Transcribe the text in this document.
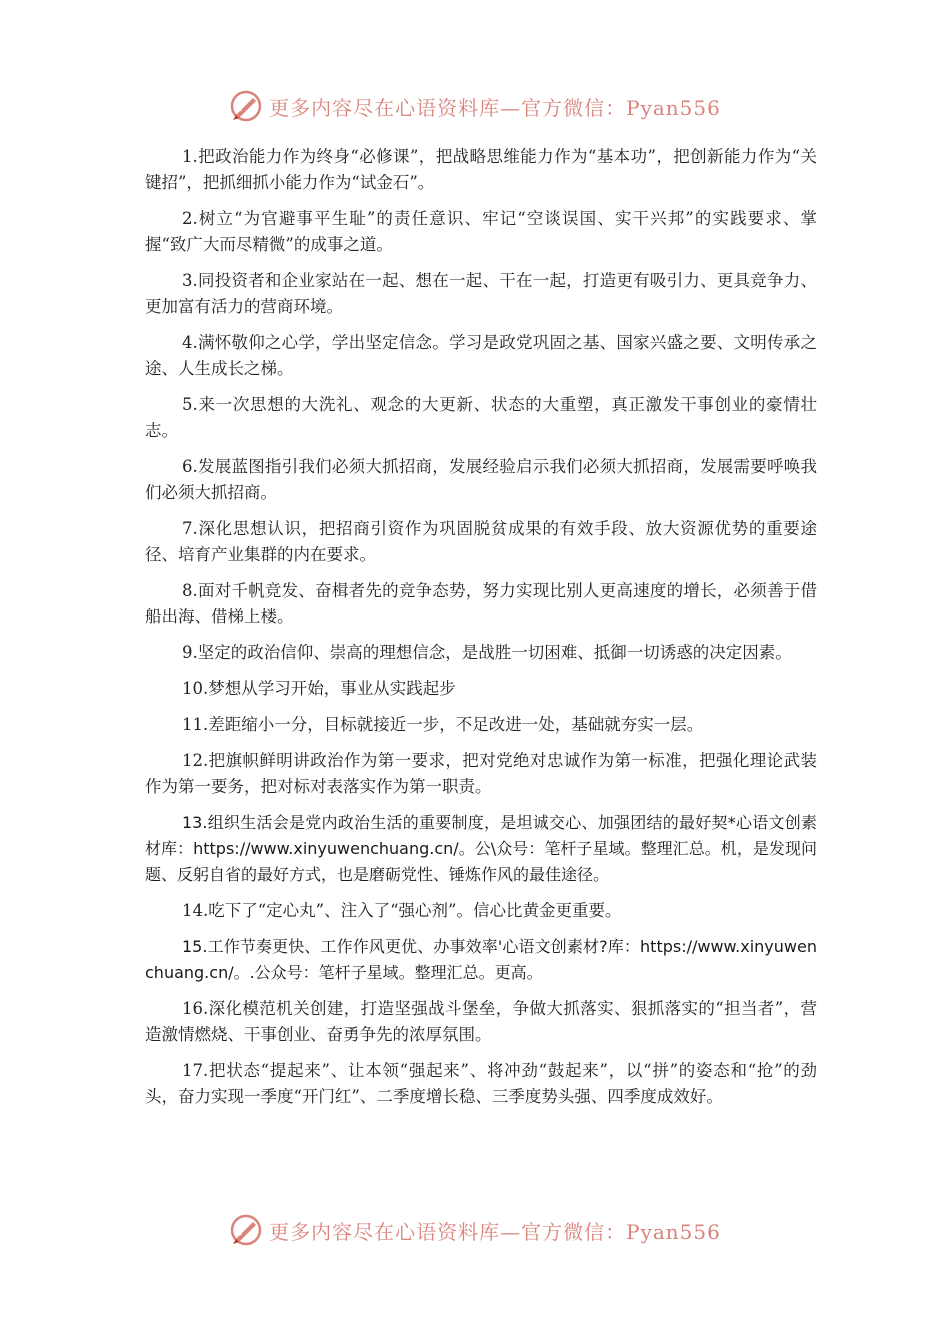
更多内容尽在心语资料库—官方微信：Pyan556

1.把政治能力作为终身“必修课”，把战略思维能力作为“基本功”，把创新能力作为“关键招”，把抓细抓小能力作为“试金石”。

2.树立“为官避事平生耻”的责任意识、牢记“空谈误国、实干兴邦”的实践要求、掌握“致广大而尽精微”的成事之道。

3.同投资者和企业家站在一起、想在一起、干在一起，打造更有吸引力、更具竞争力、更加富有活力的营商环境。

4.满怀敬仰之心学，学出坚定信念。学习是政党巩固之基、国家兴盛之要、文明传承之途、人生成长之梯。

5.来一次思想的大洗礼、观念的大更新、状态的大重塑，真正激发干事创业的豪情壮志。

6.发展蓝图指引我们必须大抓招商，发展经验启示我们必须大抓招商，发展需要呼唤我们必须大抓招商。

7.深化思想认识，把招商引资作为巩固脱贫成果的有效手段、放大资源优势的重要途径、培育产业集群的内在要求。

8.面对千帆竞发、奋楫者先的竞争态势，努力实现比别人更高速度的增长，必须善于借船出海、借梯上楼。

9.坚定的政治信仰、崇高的理想信念，是战胜一切困难、抵御一切诱惑的决定因素。

10.梦想从学习开始，事业从实践起步

11.差距缩小一分，目标就接近一步，不足改进一处，基础就夯实一层。

12.把旗帜鲜明讲政治作为第一要求，把对党绝对忠诚作为第一标准，把强化理论武装作为第一要务，把对标对表落实作为第一职责。

13.组织生活会是党内政治生活的重要制度，是坦诚交心、加强团结的最好契*心语文创素材库：https://www.xinyuwenchuang.cn/。公\众号：笔杆子星域。整理汇总。机，是发现问题、反躬自省的最好方式，也是磨砺党性、锤炼作风的最佳途径。

14.吃下了“定心丸”、注入了“强心剂”。信心比黄金更重要。

15.工作节奏更快、工作作风更优、办事效率'心语文创素材?库：https://www.xinyuwenchuang.cn/。.公众号：笔杆子星域。整理汇总。更高。

16.深化模范机关创建，打造坚强战斗堡垒，争做大抓落实、狠抓落实的“担当者”，营造激情燃烧、干事创业、奋勇争先的浓厚氛围。

17.把状态“提起来”、让本领“强起来”、将冲劲“鼓起来”，以“拼”的姿态和“抢”的劲头，奋力实现一季度“开门红”、二季度增长稳、三季度势头强、四季度成效好。

更多内容尽在心语资料库—官方微信：Pyan556
